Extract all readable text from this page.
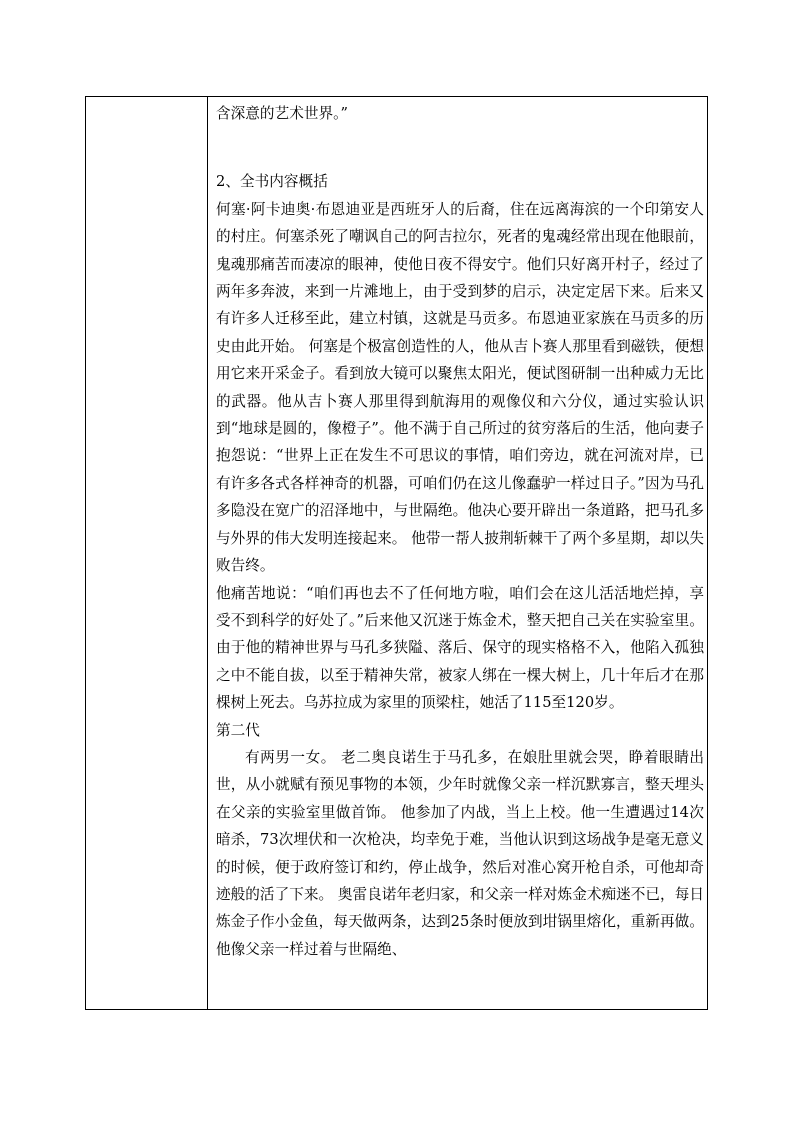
含深意的艺术世界。”

2、全书内容概括

何塞·阿卡迪奥·布恩迪亚是西班牙人的后裔，住在远离海滨的一个印第安人的村庄。何塞杀死了嘲讽自己的阿吉拉尔，死者的鬼魂经常出现在他眼前，鬼魂那痛苦而凄凉的眼神，使他日夜不得安宁。他们只好离开村子，经过了两年多奔波，来到一片滩地上，由于受到梦的启示，决定定居下来。后来又有许多人迁移至此，建立村镇，这就是马贡多。布恩迪亚家族在马贡多的历史由此开始。 何塞是个极富创造性的人，他从吉卜赛人那里看到磁铁，便想用它来开采金子。看到放大镜可以聚焦太阳光，便试图研制一出种威力无比的武器。他从吉卜赛人那里得到航海用的观像仪和六分仪，通过实验认识到“地球是圆的，像橙子”。他不满于自己所过的贫穷落后的生活，他向妻子抱怨说：“世界上正在发生不可思议的事情，咱们旁边，就在河流对岸，已有许多各式各样神奇的机器，可咱们仍在这儿像蠢驴一样过日子。”因为马孔多隐没在宽广的沼泽地中，与世隔绝。他决心要开辟出一条道路，把马孔多与外界的伟大发明连接起来。 他带一帮人披荆斩棘干了两个多星期，却以失败告终。

他痛苦地说：“咱们再也去不了任何地方啦，咱们会在这儿活活地烂掉，享受不到科学的好处了。”后来他又沉迷于炼金术，整天把自己关在实验室里。由于他的精神世界与马孔多狭隘、落后、保守的现实格格不入，他陷入孤独之中不能自拔，以至于精神失常，被家人绑在一棵大树上，几十年后才在那棵树上死去。乌苏拉成为家里的顶梁柱，她活了115至120岁。

第二代

有两男一女。 老二奥良诺生于马孔多，在娘肚里就会哭，睁着眼睛出世，从小就赋有预见事物的本领，少年时就像父亲一样沉默寡言，整天埋头在父亲的实验室里做首饰。 他参加了内战，当上上校。他一生遭遇过14次暗杀，73次埋伏和一次枪决，均幸免于难，当他认识到这场战争是毫无意义的时候，便于政府签订和约，停止战争，然后对准心窝开枪自杀，可他却奇迹般的活了下来。 奥雷良诺年老归家，和父亲一样对炼金术痴迷不已，每日炼金子作小金鱼，每天做两条，达到25条时便放到坩锅里熔化，重新再做。他像父亲一样过着与世隔绝、
